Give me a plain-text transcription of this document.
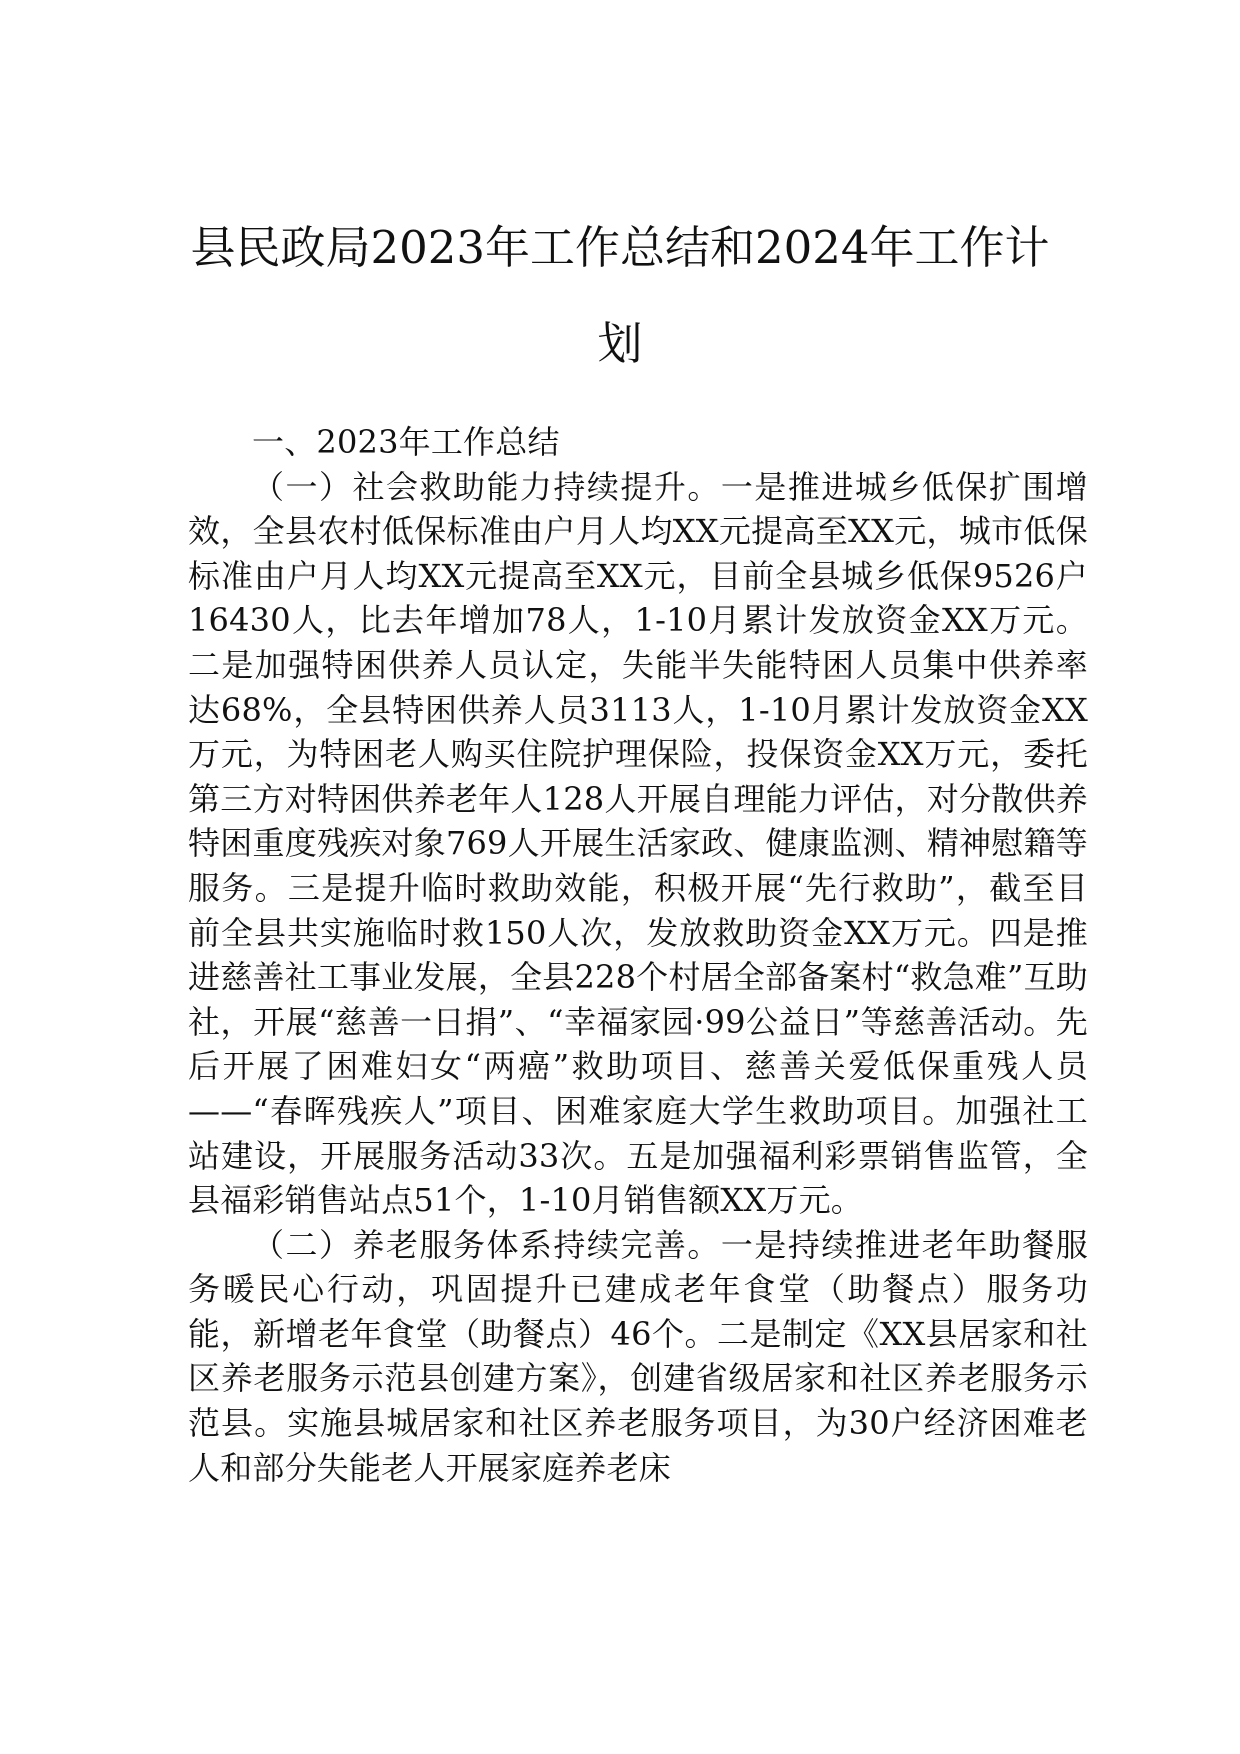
县民政局2023年工作总结和2024年工作计划
一、2023年工作总结

（一）社会救助能力持续提升。一是推进城乡低保扩围增效，全县农村低保标准由户月人均XX元提高至XX元，城市低保标准由户月人均XX元提高至XX元，目前全县城乡低保9526户16430人，比去年增加78人，1-10月累计发放资金XX万元。二是加强特困供养人员认定，失能半失能特困人员集中供养率达68%，全县特困供养人员3113人，1-10月累计发放资金XX万元，为特困老人购买住院护理保险，投保资金XX万元，委托第三方对特困供养老年人128人开展自理能力评估，对分散供养特困重度残疾对象769人开展生活家政、健康监测、精神慰籍等服务。三是提升临时救助效能，积极开展“先行救助”，截至目前全县共实施临时救150人次，发放救助资金XX万元。四是推进慈善社工事业发展，全县228个村居全部备案村“救急难”互助社，开展“慈善一日捐”、“幸福家园·99公益日”等慈善活动。先后开展了困难妇女“两癌”救助项目、慈善关爱低保重残人员——“春晖残疾人”项目、困难家庭大学生救助项目。加强社工站建设，开展服务活动33次。五是加强福利彩票销售监管，全县福彩销售站点51个，1-10月销售额XX万元。

（二）养老服务体系持续完善。一是持续推进老年助餐服务暖民心行动，巩固提升已建成老年食堂（助餐点）服务功能，新增老年食堂（助餐点）46个。二是制定《XX县居家和社区养老服务示范县创建方案》，创建省级居家和社区养老服务示范县。实施县城居家和社区养老服务项目，为30户经济困难老人和部分失能老人开展家庭养老床
